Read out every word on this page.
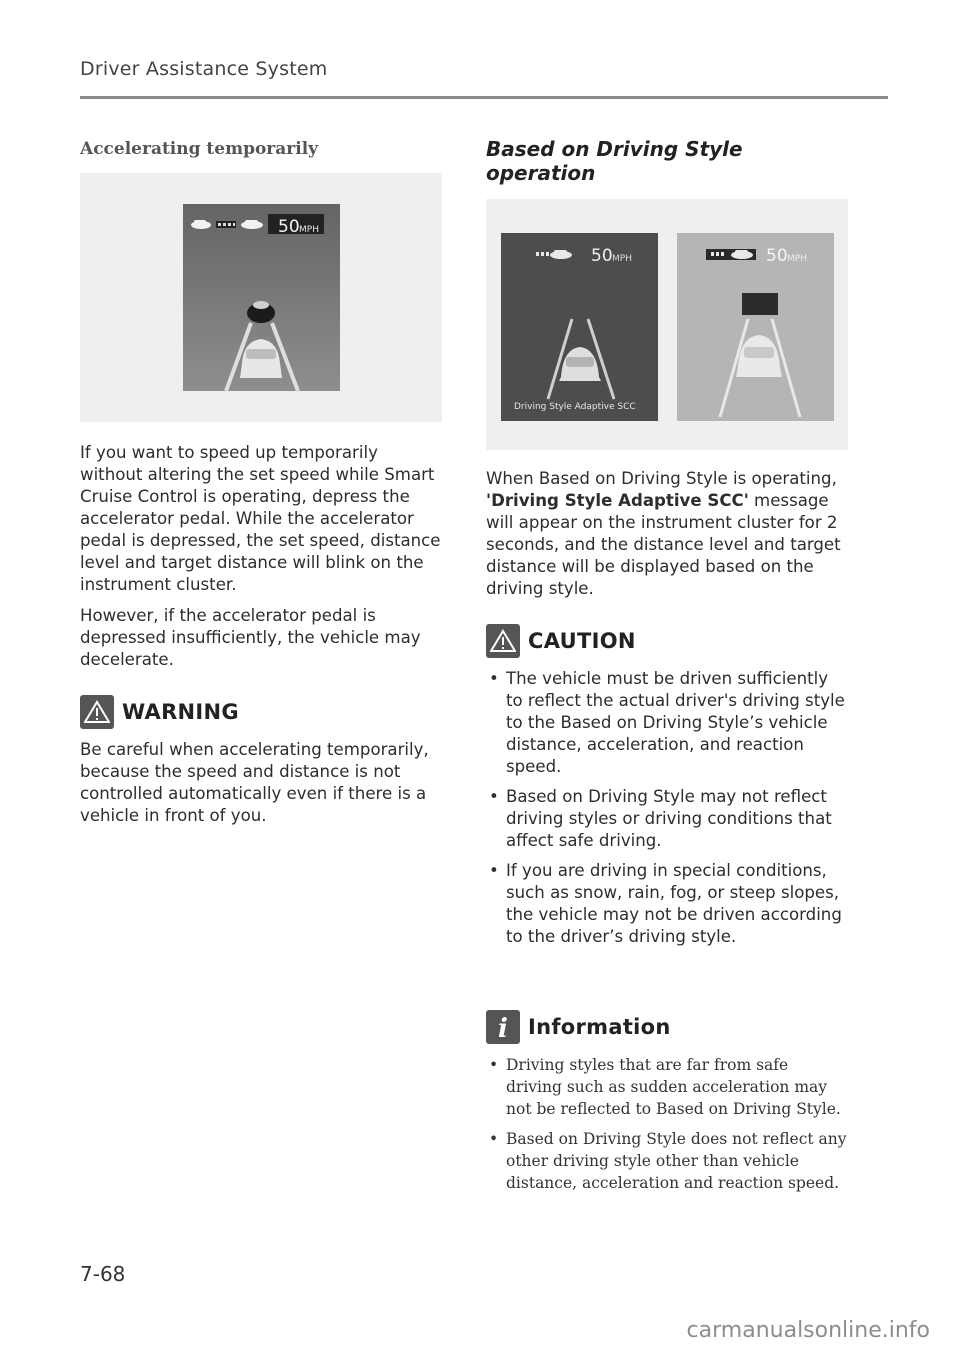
Driver Assistance System
Accelerating temporarily
50 MPH

If you want to speed up temporarily without altering the set speed while Smart Cruise Control is operating, depress the accelerator pedal. While the accelerator pedal is depressed, the set speed, distance level and target distance will blink on the instrument cluster.

However, if the accelerator pedal is depressed insufficiently, the vehicle may decelerate.

WARNING

Be careful when accelerating temporarily, because the speed and distance is not controlled automatically even if there is a vehicle in front of you.

Based on Driving Style operation
50 MPH
Driving Style Adaptive SCC
50 MPH

When Based on Driving Style is operating, 'Driving Style Adaptive SCC' message will appear on the instrument cluster for 2 seconds, and the distance level and target distance will be displayed based on the driving style.

CAUTION
• The vehicle must be driven sufficiently to reflect the actual driver's driving style to the Based on Driving Style’s vehicle distance, acceleration, and reaction speed.
• Based on Driving Style may not reflect driving styles or driving conditions that affect safe driving.
• If you are driving in special conditions, such as snow, rain, fog, or steep slopes, the vehicle may not be driven according to the driver’s driving style.
i Information
• Driving styles that are far from safe driving such as sudden acceleration may not be reflected to Based on Driving Style.
• Based on Driving Style does not reflect any other driving style other than vehicle distance, acceleration and reaction speed.
7-68
carmanualsonline.info
